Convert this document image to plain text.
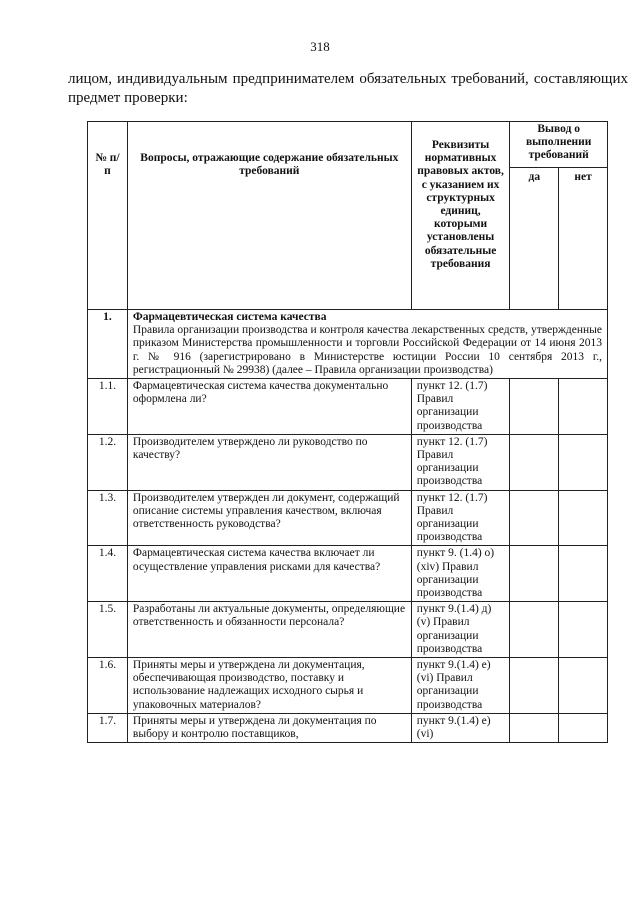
318
лицом, индивидуальным предпринимателем обязательных требований, составляющих предмет проверки:
№ п/п	Вопросы, отражающие содержание обязательных требований	Реквизиты нормативных правовых актов, с указанием их структурных единиц, которыми установлены обязательные требования	Вывод о выполнении требований	
			да	нет
1.	Фармацевтическая система качества
Правила организации производства и контроля качества лекарственных средств, утвержденные приказом Министерства промышленности и торговли Российской Федерации от 14 июня 2013 г. № 916 (зарегистрировано в Министерстве юстиции России 10 сентября 2013 г., регистрационный № 29938) (далее – Правила организации производства)			

1.1.	Фармацевтическая система качества документально оформлена ли?	пункт 12. (1.7) Правил организации производства		
1.2.	Производителем утверждено ли руководство по качеству?	пункт 12. (1.7) Правил организации производства		
1.3.	Производителем утвержден ли документ, содержащий описание системы управления качеством, включая ответственность руководства?	пункт 12. (1.7) Правил организации производства		
1.4.	Фармацевтическая система качества включает ли осуществление управления рисками для качества?	пункт 9. (1.4) о) (xiv) Правил организации производства		
1.5.	Разработаны ли актуальные документы, определяющие ответственность и обязанности персонала?	пункт 9.(1.4) д) (v) Правил организации производства		
1.6.	Приняты меры и утверждена ли документация, обеспечивающая производство, поставку и использование надлежащих исходного сырья и упаковочных материалов?	пункт 9.(1.4) е) (vi) Правил организации производства		
1.7.	Приняты меры и утверждена ли документация по выбору и контролю поставщиков,	пункт 9.(1.4) е) (vi)		
